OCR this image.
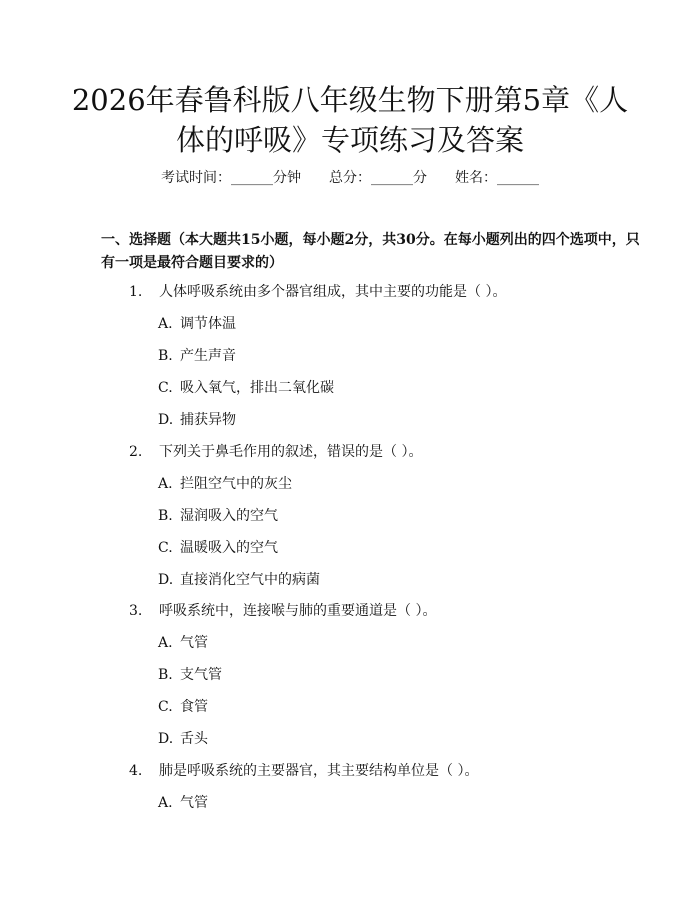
2026年春鲁科版八年级生物下册第5章《人
体的呼吸》专项练习及答案
考试时间：______分钟　　总分：______分　　姓名：______
一、选择题（本大题共15小题，每小题2分，共30分。在每小题列出的四个选项中，只有一项是最符合题目要求的）
1. 人体呼吸系统由多个器官组成，其中主要的功能是（ ）。
A. 调节体温
B. 产生声音
C. 吸入氧气，排出二氧化碳
D. 捕获异物
2. 下列关于鼻毛作用的叙述，错误的是（ ）。
A. 拦阻空气中的灰尘
B. 湿润吸入的空气
C. 温暖吸入的空气
D. 直接消化空气中的病菌
3. 呼吸系统中，连接喉与肺的重要通道是（ ）。
A. 气管
B. 支气管
C. 食管
D. 舌头
4. 肺是呼吸系统的主要器官，其主要结构单位是（ ）。
A. 气管
